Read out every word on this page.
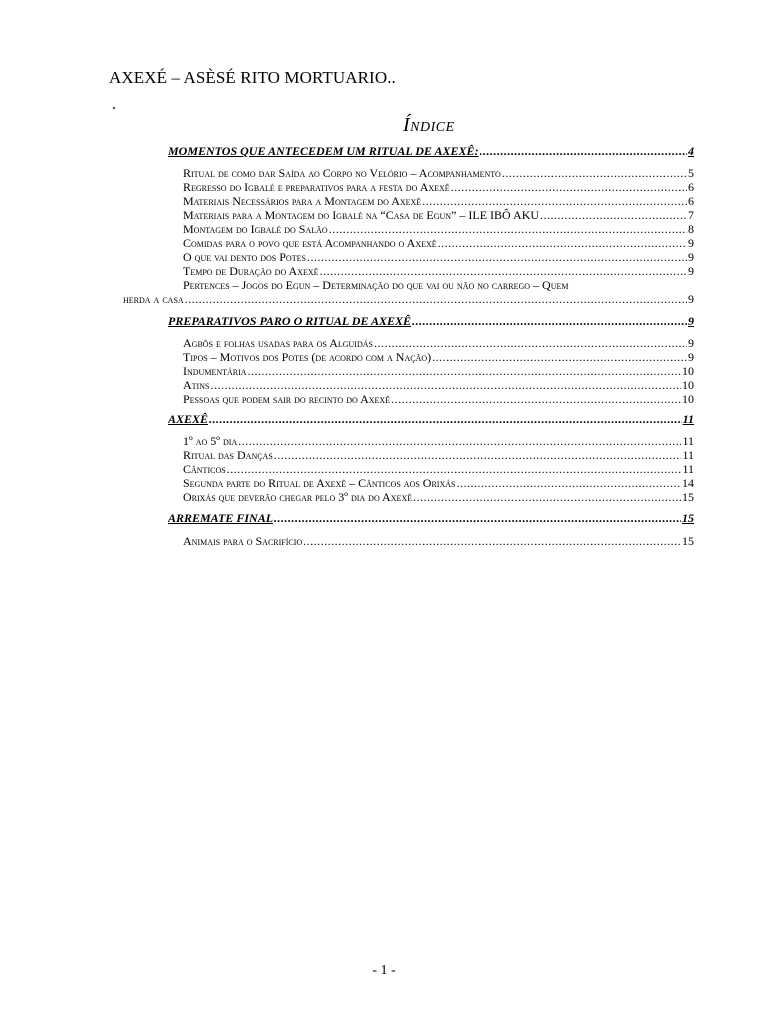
AXEXÉ – ASÈSÉ RITO MORTUARIO..
.
Índice
MOMENTOS QUE ANTECEDEM UM RITUAL DE AXEXÊ: .....	4
Ritual de como dar Saída ao Corpo no Velório – Acompanhamento .....	5
Regresso do Igbalé e preparativos para a festa do Axexê .....	6
Materiais Necessários para a Montagem do Axexê .....	6
Materiais para a Montagem do Igbalé na “Casa de Egun” – ILE IBÔ AKU .....	7
Montagem do Igbalé do Salão .....	8
Comidas para o povo que está Acompanhando o Axexê .....	9
O que vai dento dos Potes .....	9
Tempo de Duração do Axexê .....	9
Pertences – Jogos do Egun – Determinação do que vai ou não no carrego – Quem
herda a casa .....	9
PREPARATIVOS PARO O RITUAL DE AXEXÊ .....	9
Agbôs e folhas usadas para os Alguidás .....	9
Tipos – Motivos dos Potes (de acordo com a Nação) .....	9
Indumentária .....	10
Atins .....	10
Pessoas que podem sair do recinto do Axexê .....	10
AXEXÊ .....	11
1º ao 5º dia .....	11
Ritual das Danças .....	11
Cânticos .....	11
Segunda parte do Ritual de Axexê – Cânticos aos Orixás .....	14
Orixás que deverão chegar pelo 3º dia do Axexê .....	15
ARREMATE FINAL .....	15
Animais para o Sacrifício .....	15
- 1 -
